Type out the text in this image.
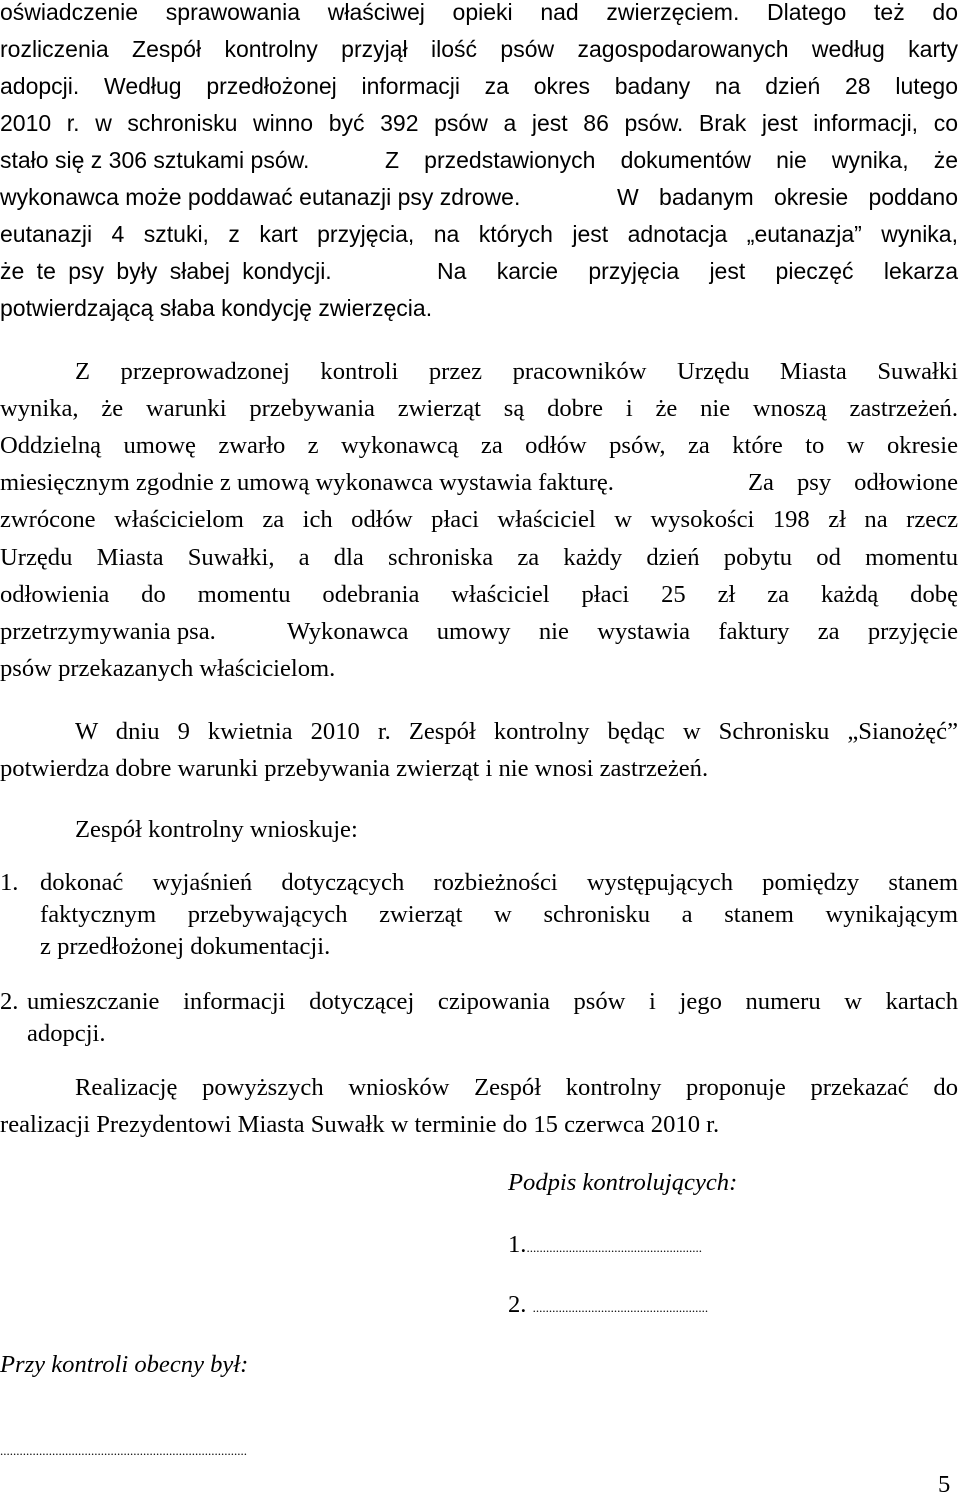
oświadczenie sprawowania właściwej opieki nad zwierzęciem. Dlatego też do
rozliczenia Zespół kontrolny przyjął ilość psów zagospodarowanych według karty
adopcji. Według przedłożonej informacji za okres badany na dzień 28 lutego
2010 r. w schronisku winno być 392 psów a jest 86 psów. Brak jest informacji, co
stało się z 306 sztukami psów.	Z przedstawionych dokumentów nie wynika, że
wykonawca może poddawać eutanazji psy zdrowe.	W badanym okresie poddano
eutanazji 4 sztuki, z kart przyjęcia, na których jest adnotacja „eutanazja” wynika,
że te psy były słabej kondycji.	Na karcie przyjęcia jest pieczęć lekarza
potwierdzającą słaba kondycję zwierzęcia.
Z przeprowadzonej kontroli przez pracowników Urzędu Miasta Suwałki
wynika, że warunki przebywania zwierząt są dobre i że nie wnoszą zastrzeżeń.
Oddzielną umowę zwarło z wykonawcą za odłów psów, za które to w okresie
miesięcznym zgodnie z umową wykonawca wystawia fakturę.	Za psy odłowione
zwrócone właścicielom za ich odłów płaci właściciel w wysokości 198 zł na rzecz
Urzędu Miasta Suwałki, a dla schroniska za każdy dzień pobytu od momentu
odłowienia do momentu odebrania właściciel płaci 25 zł za każdą dobę
przetrzymywania psa.	Wykonawca umowy nie wystawia faktury za przyjęcie
psów przekazanych właścicielom.
W dniu 9 kwietnia 2010 r. Zespół kontrolny będąc w Schronisku „Sianożęć”
potwierdza dobre warunki przebywania zwierząt i nie wnosi zastrzeżeń.
Zespół kontrolny wnioskuje:
1. dokonać wyjaśnień dotyczących rozbieżności występujących pomiędzy stanem
faktycznym przebywających zwierząt w schronisku a stanem wynikającym
z przedłożonej dokumentacji.
2. umieszczanie informacji dotyczącej czipowania psów i jego numeru w kartach
adopcji.
Realizację powyższych wniosków Zespół kontrolny proponuje przekazać do
realizacji Prezydentowi Miasta Suwałk w terminie do 15 czerwca 2010 r.
Podpis kontrolujących:
1.......................................................
2. ......................................................
Przy kontroli obecny był:
............................................................................
5
